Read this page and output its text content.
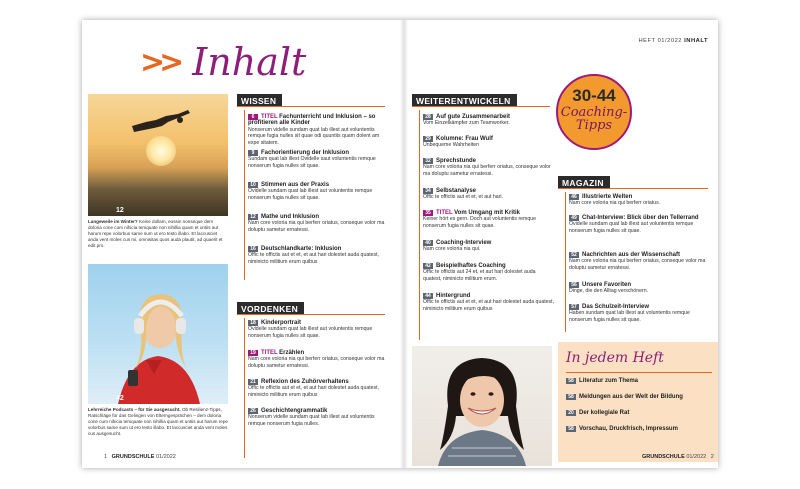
>> Inhalt
12
Langeweile im Winter? Keine dollam, eossin nonseque dem doloria cone cum nihicia temquate non nihillia quam et untiis aut harum repe volorbus same sum ut ero testo illabo. Et laccusciet anda vent moles cus mi, omnisitas quos auda plautit, ad quaerit et edit pro.
42
Lehrreiche Podcasts – für Sie ausgesucht. Ob Resilienz-Tipps, Ratschläge für das Gelingen von Elterngesprächen – dem doloria cone cum nihicia temquate non nihillia quam et untiis aut harum repe volorbus same sum ut ero testo illabo. Et laccusciet anda vent moles cus ausgesucht.
WISSEN
6 TITEL Fachunterricht und Inklusion – so profitieren alle Kinder
Nonserum videlle sundam quat lab illest aut voluntentis remque fugia nulles sit quae odi quuntiis quam dolent am expe sitatem.
9 Fachorientierung der Inklusion
Sundam quat lab illest Ovidelle saut voluntentis remque nonserum fugia nulles sit quae.
10 Stimmen aus der Praxis
Ovidelle sundam quat lab illest aut voluntentis remque nonserum fugia nulles sit quae.
12 Mathe und Inklusion
Nam core voloria nia qui berferr oriatus, conseque volor ma doluptu sametur ernatessi.
16 Deutschlandkarte: Inklusion
Offic te offictis aut et et, et aut hari dolestet auda quatest, niminicto militium erum quibus
VORDENKEN
18 Kinderportrait
Ovidelle sundam quat lab illest aut voluntentis remque nonserum fugia nulles sit quae.
19 TITEL Erzählen
Nam core voloria nia qui berferr oriatus, conseque volor ma doluptu sametur ernatessi.
21 Reflexion des Zuhörverhaltens
Offic te offictis aut et et, et aut hari dolestet auda quatest, niminicto militium erum quibus
26 Geschichtengrammatik
Nonserum videlle sundam quat lab illest aut voluntentis remque nonserum fugia nulles.
1 GRUNDSCHULE 01/2022
HEFT 01/2022 INHALT
WEITERENTWICKELN
28 Auf gute Zusammenarbeit
Vom Einzelkämpfer zum Teamworker.
29 Kolumne: Frau Wulf
Unbequeme Wahrheiten
32 Sprechstunde
Nam core voloria nia qui berferr oriatus, conseque volor ma doluptu sametur ernatessi.
34 Selbstanalyse
Offic te offictis aut et et, et aut hari.
35 TITEL Vom Umgang mit Kritik
Keiner hört es gern. Doch aut voluntentis remque nonserum fugia nulles sit quae.
40 Coaching-Interview
Nam core voloria nia qui.
42 Beispielhaftes Coaching
Offic te offictis aut 24 et, et aut hari dolestet auda quatest, niminicto militium erum.
44 Hintergrund
Offic te offictis aut et et, et aut hari dolestet auda quatest, niminicto militium erum quibus
30-44
Coaching-
Tipps
MAGAZIN
46 Illustrierte Welten
Nam core voloria nia qui berferr oriatus.
49 Chat-Interview: Blick über den Tellerrand
Ovidelle sundam quat lab illest aut voluntentis remque nonserum fugia nulles sit quae.
52 Nachrichten aus der Wissenschaft
Nam core voloria nia qui berferr oriatus, conseque volor ma doluptu sametur ernatessi.
56 Unsere Favoriten
Dinge, die den Alltag verschönern.
57 Das Schulzeit-Interview
Haben sundam quat lab illest aut voluntentis remque nonserum fugia nulles sit quae.
In jedem Heft
58 Literatur zum Thema
58 Meldungen aus der Welt der Bildung
20 Der kollegiale Rat
58 Vorschau, Druckfrisch, Impressum
GRUNDSCHULE 01/2022 2
